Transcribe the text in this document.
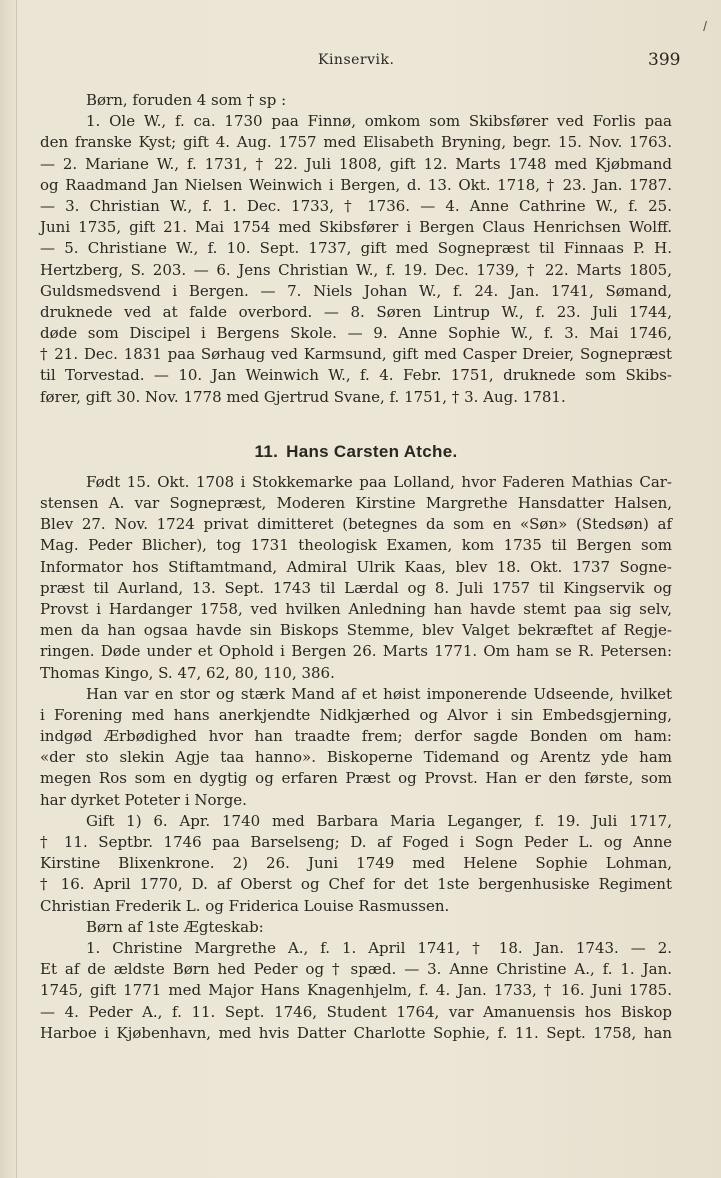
/
Kinservik.	399
Børn, foruden 4 som † sp :
1. Ole W., f. ca. 1730 paa Finnø, omkom som Skibsfører ved Forlis paa
den franske Kyst; gift 4. Aug. 1757 med Elisabeth Bryning, begr. 15. Nov. 1763.
— 2. Mariane W., f. 1731, † 22. Juli 1808, gift 12. Marts 1748 med Kjøbmand
og Raadmand Jan Nielsen Weinwich i Bergen, d. 13. Okt. 1718, † 23. Jan. 1787.
— 3. Christian W., f. 1. Dec. 1733, † 1736. — 4. Anne Cathrine W., f. 25.
Juni 1735, gift 21. Mai 1754 med Skibsfører i Bergen Claus Henrichsen Wolff.
— 5. Christiane W., f. 10. Sept. 1737, gift med Sognepræst til Finnaas P. H.
Hertzberg, S. 203. — 6. Jens Christian W., f. 19. Dec. 1739, † 22. Marts 1805,
Guldsmedsvend i Bergen. — 7. Niels Johan W., f. 24. Jan. 1741, Sømand,
druknede ved at falde overbord. — 8. Søren Lintrup W., f. 23. Juli 1744,
døde som Discipel i Bergens Skole. — 9. Anne Sophie W., f. 3. Mai 1746,
† 21. Dec. 1831 paa Sørhaug ved Karmsund, gift med Casper Dreier, Sognepræst
til Torvestad. — 10. Jan Weinwich W., f. 4. Febr. 1751, druknede som Skibs-
fører, gift 30. Nov. 1778 med Gjertrud Svane, f. 1751, † 3. Aug. 1781.
11. Hans Carsten Atche.
Født 15. Okt. 1708 i Stokkemarke paa Lolland, hvor Faderen Mathias Car-
stensen A. var Sognepræst, Moderen Kirstine Margrethe Hansdatter Halsen,
Blev 27. Nov. 1724 privat dimitteret (betegnes da som en «Søn» (Stedsøn) af
Mag. Peder Blicher), tog 1731 theologisk Examen, kom 1735 til Bergen som
Informator hos Stiftamtmand, Admiral Ulrik Kaas, blev 18. Okt. 1737 Sogne-
præst til Aurland, 13. Sept. 1743 til Lærdal og 8. Juli 1757 til Kingservik og
Provst i Hardanger 1758, ved hvilken Anledning han havde stemt paa sig selv,
men da han ogsaa havde sin Biskops Stemme, blev Valget bekræftet af Regje-
ringen. Døde under et Ophold i Bergen 26. Marts 1771. Om ham se R. Petersen:
Thomas Kingo, S. 47, 62, 80, 110, 386.
Han var en stor og stærk Mand af et høist imponerende Udseende, hvilket
i Forening med hans anerkjendte Nidkjærhed og Alvor i sin Embedsgjerning,
indgød Ærbødighed hvor han traadte frem; derfor sagde Bonden om ham:
«der sto slekin Agje taa hanno». Biskoperne Tidemand og Arentz yde ham
megen Ros som en dygtig og erfaren Præst og Provst. Han er den første, som
har dyrket Poteter i Norge.
Gift 1) 6. Apr. 1740 med Barbara Maria Leganger, f. 19. Juli 1717,
† 11. Septbr. 1746 paa Barselseng; D. af Foged i Sogn Peder L. og Anne
Kirstine Blixenkrone. 2) 26. Juni 1749 med Helene Sophie Lohman,
† 16. April 1770, D. af Oberst og Chef for det 1ste bergenhusiske Regiment
Christian Frederik L. og Friderica Louise Rasmussen.
Børn af 1ste Ægteskab:
1. Christine Margrethe A., f. 1. April 1741, † 18. Jan. 1743. — 2.
Et af de ældste Børn hed Peder og † spæd. — 3. Anne Christine A., f. 1. Jan.
1745, gift 1771 med Major Hans Knagenhjelm, f. 4. Jan. 1733, † 16. Juni 1785.
— 4. Peder A., f. 11. Sept. 1746, Student 1764, var Amanuensis hos Biskop
Harboe i Kjøbenhavn, med hvis Datter Charlotte Sophie, f. 11. Sept. 1758, han
